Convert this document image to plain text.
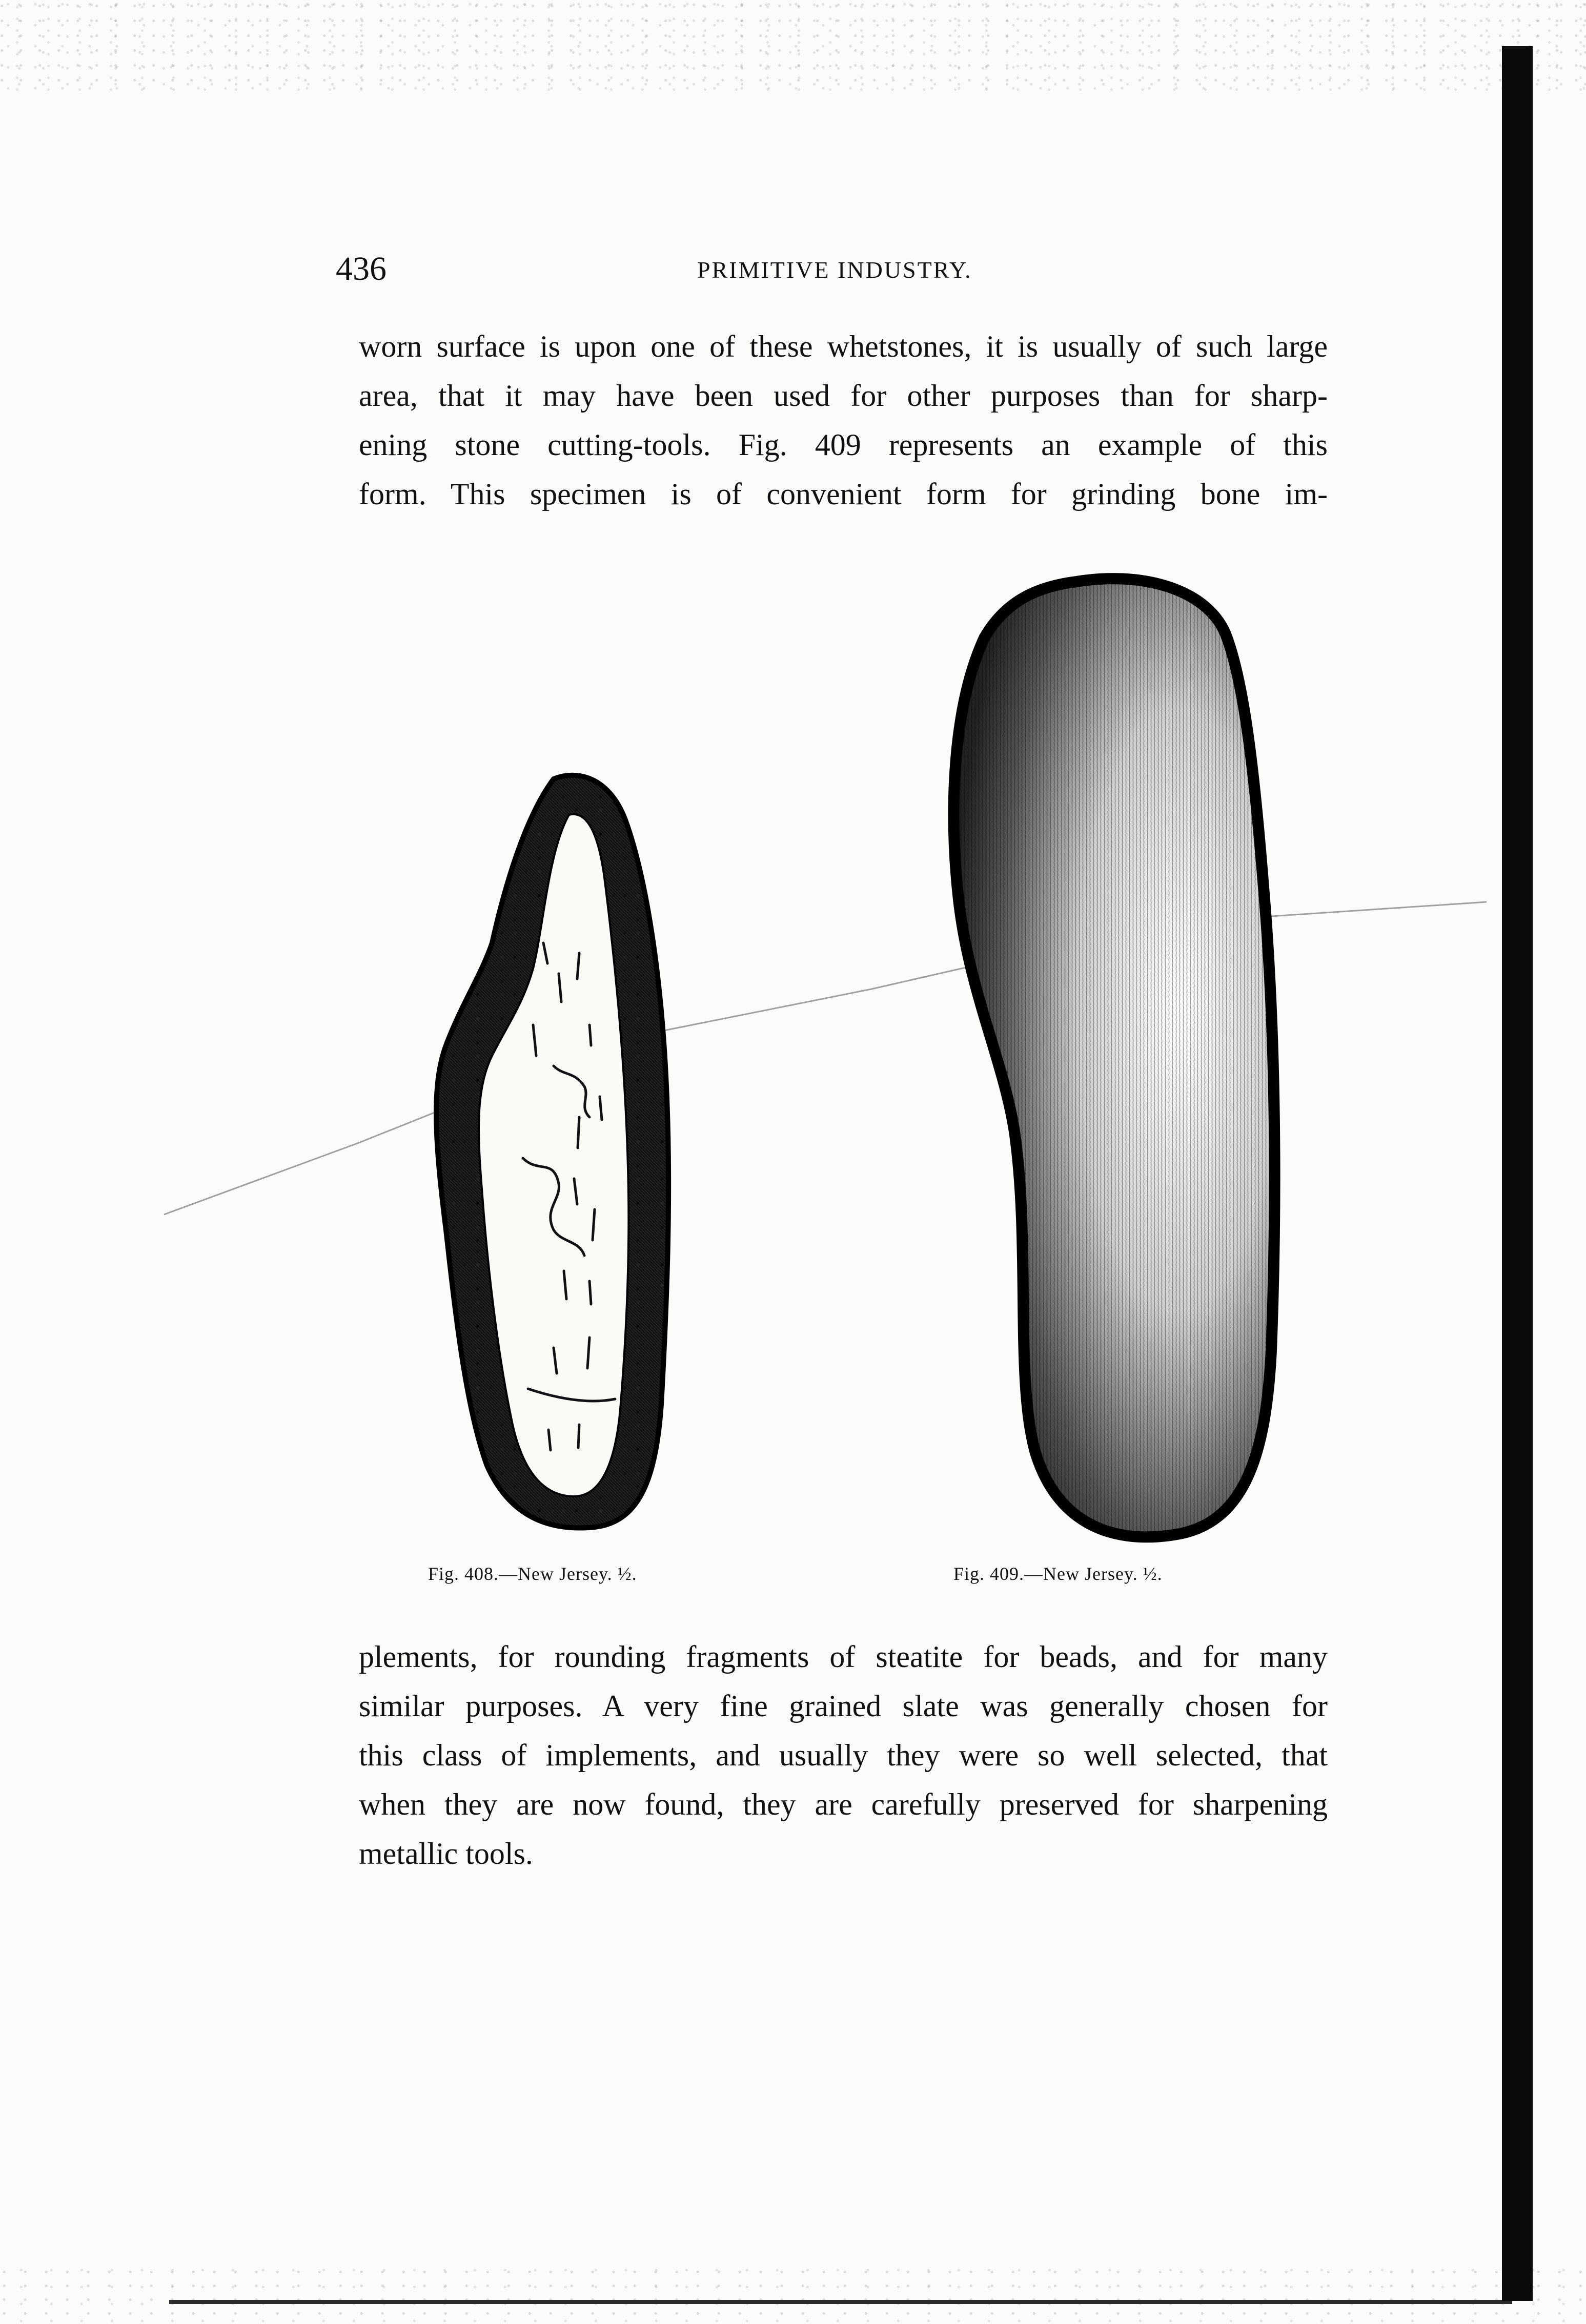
436	PRIMITIVE INDUSTRY.
worn surface is upon one of these whetstones, it is usually of such large
area, that it may have been used for other purposes than for sharp-
ening stone cutting-tools. Fig. 409 represents an example of this
form. This specimen is of convenient form for grinding bone im-
Fig. 408.—New Jersey. ½.	Fig. 409.—New Jersey. ½.
plements, for rounding fragments of steatite for beads, and for many
similar purposes. A very fine grained slate was generally chosen for
this class of implements, and usually they were so well selected, that
when they are now found, they are carefully preserved for sharpening
metallic tools.
